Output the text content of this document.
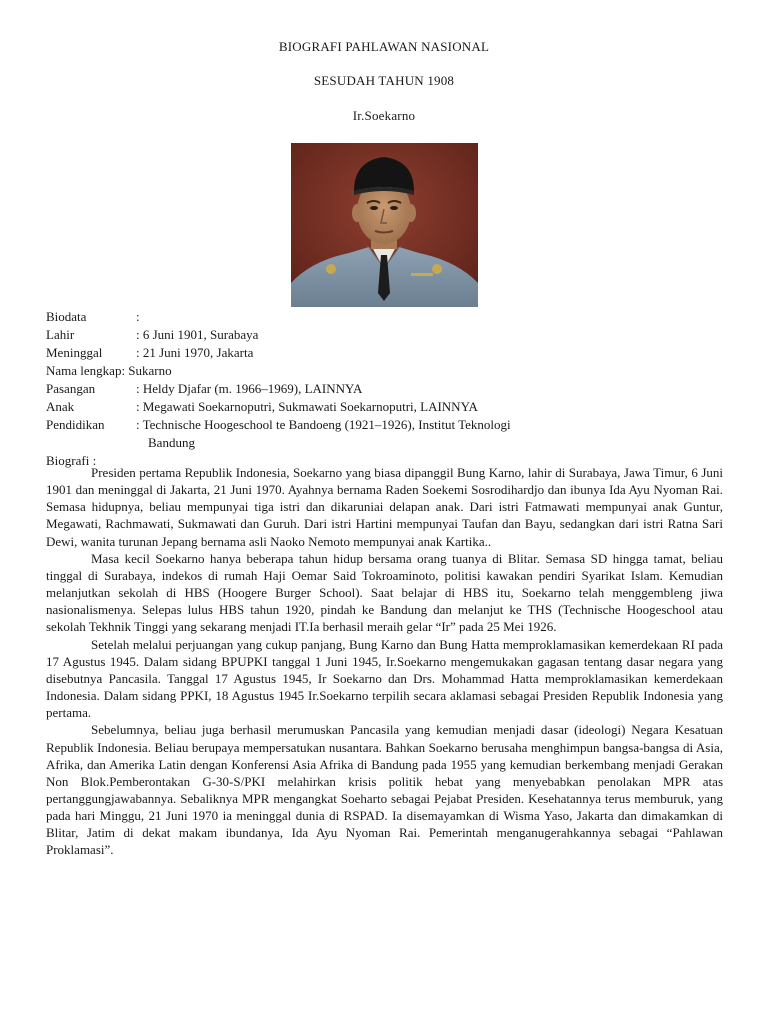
BIOGRAFI PAHLAWAN NASIONAL
SESUDAH TAHUN 1908
Ir.Soekarno
Biodata	:
Lahir	: 6 Juni 1901, Surabaya
Meninggal	: 21 Juni 1970, Jakarta
Nama lengkap: Sukarno
Pasangan	: Heldy Djafar (m. 1966–1969), LAINNYA
Anak	: Megawati Soekarnoputri, Sukmawati Soekarnoputri, LAINNYA
Pendidikan : Technische Hoogeschool te Bandoeng (1921–1926), Institut Teknologi
Bandung
Biografi :

Presiden pertama Republik Indonesia, Soekarno yang biasa dipanggil Bung Karno, lahir di Surabaya, Jawa Timur, 6 Juni 1901 dan meninggal di Jakarta, 21 Juni 1970. Ayahnya bernama Raden Soekemi Sosrodihardjo dan ibunya Ida Ayu Nyoman Rai. Semasa hidupnya, beliau mempunyai tiga istri dan dikaruniai delapan anak. Dari istri Fatmawati mempunyai anak Guntur, Megawati, Rachmawati, Sukmawati dan Guruh. Dari istri Hartini mempunyai Taufan dan Bayu, sedangkan dari istri Ratna Sari Dewi, wanita turunan Jepang bernama asli Naoko Nemoto mempunyai anak Kartika..

Masa kecil Soekarno hanya beberapa tahun hidup bersama orang tuanya di Blitar. Semasa SD hingga tamat, beliau tinggal di Surabaya, indekos di rumah Haji Oemar Said Tokroaminoto, politisi kawakan pendiri Syarikat Islam. Kemudian melanjutkan sekolah di HBS (Hoogere Burger School). Saat belajar di HBS itu, Soekarno telah menggembleng jiwa nasionalismenya. Selepas lulus HBS tahun 1920, pindah ke Bandung dan melanjut ke THS (Technische Hoogeschool atau sekolah Tekhnik Tinggi yang sekarang menjadi IT.Ia berhasil meraih gelar “Ir” pada 25 Mei 1926.

Setelah melalui perjuangan yang cukup panjang, Bung Karno dan Bung Hatta memproklamasikan kemerdekaan RI pada 17 Agustus 1945. Dalam sidang BPUPKI tanggal 1 Juni 1945, Ir.Soekarno mengemukakan gagasan tentang dasar negara yang disebutnya Pancasila. Tanggal 17 Agustus 1945, Ir Soekarno dan Drs. Mohammad Hatta memproklamasikan kemerdekaan Indonesia. Dalam sidang PPKI, 18 Agustus 1945 Ir.Soekarno terpilih secara aklamasi sebagai Presiden Republik Indonesia yang pertama.

Sebelumnya, beliau juga berhasil merumuskan Pancasila yang kemudian menjadi dasar (ideologi) Negara Kesatuan Republik Indonesia. Beliau berupaya mempersatukan nusantara. Bahkan Soekarno berusaha menghimpun bangsa-bangsa di Asia, Afrika, dan Amerika Latin dengan Konferensi Asia Afrika di Bandung pada 1955 yang kemudian berkembang menjadi Gerakan Non Blok.Pemberontakan G-30-S/PKI melahirkan krisis politik hebat yang menyebabkan penolakan MPR atas pertanggungjawabannya. Sebaliknya MPR mengangkat Soeharto sebagai Pejabat Presiden. Kesehatannya terus memburuk, yang pada hari Minggu, 21 Juni 1970 ia meninggal dunia di RSPAD. Ia disemayamkan di Wisma Yaso, Jakarta dan dimakamkan di Blitar, Jatim di dekat makam ibundanya, Ida Ayu Nyoman Rai. Pemerintah menganugerahkannya sebagai “Pahlawan Proklamasi”.
